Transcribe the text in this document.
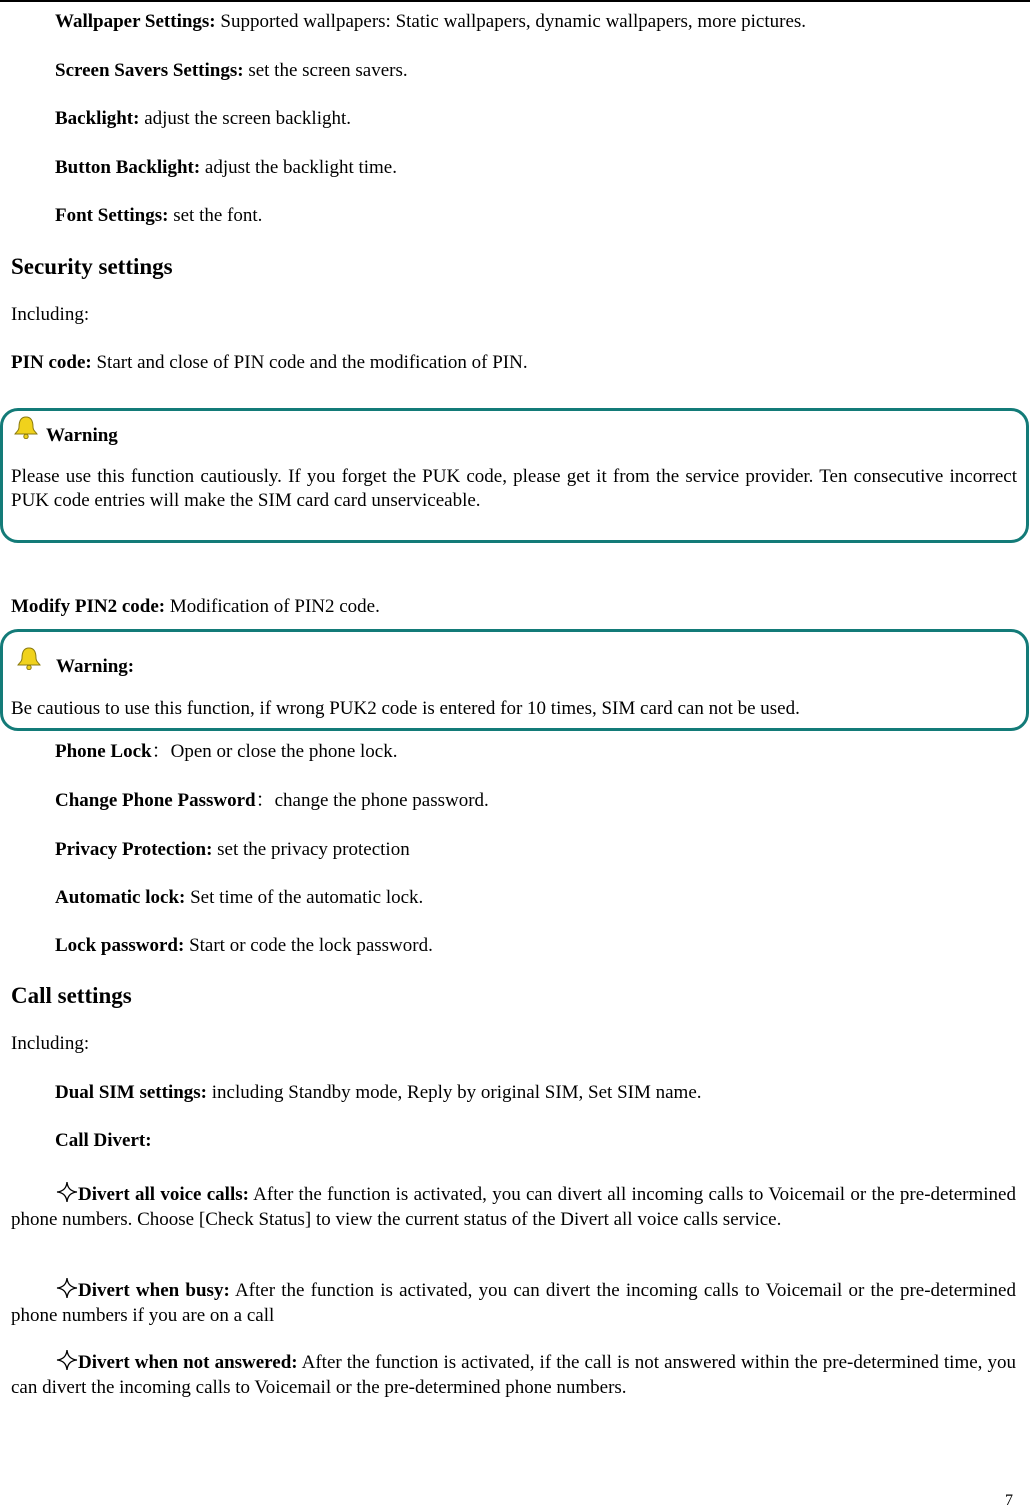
Wallpaper Settings: Supported wallpapers: Static wallpapers, dynamic wallpapers, more pictures.
Screen Savers Settings: set the screen savers.
Backlight: adjust the screen backlight.
Button Backlight: adjust the backlight time.
Font Settings: set the font.
Security settings
Including:
PIN code: Start and close of PIN code and the modification of PIN.
Warning
Please use this function cautiously. If you forget the PUK code, please get it from the service provider. Ten consecutive incorrect PUK code entries will make the SIM card card unserviceable.
Modify PIN2 code: Modification of PIN2 code.
Warning:
Be cautious to use this function, if wrong PUK2 code is entered for 10 times, SIM card can not be used.
Phone Lock：Open or close the phone lock.
Change Phone Password：change the phone password.
Privacy Protection: set the privacy protection
Automatic lock: Set time of the automatic lock.
Lock password: Start or code the lock password.
Call settings
Including:
Dual SIM settings: including Standby mode, Reply by original SIM, Set SIM name.
Call Divert:
Divert all voice calls: After the function is activated, you can divert all incoming calls to Voicemail or the pre-determined phone numbers. Choose [Check Status] to view the current status of the Divert all voice calls service.
Divert when busy: After the function is activated, you can divert the incoming calls to Voicemail or the pre-determined phone numbers if you are on a call
Divert when not answered: After the function is activated, if the call is not answered within the pre-determined time, you can divert the incoming calls to Voicemail or the pre-determined phone numbers.
7
